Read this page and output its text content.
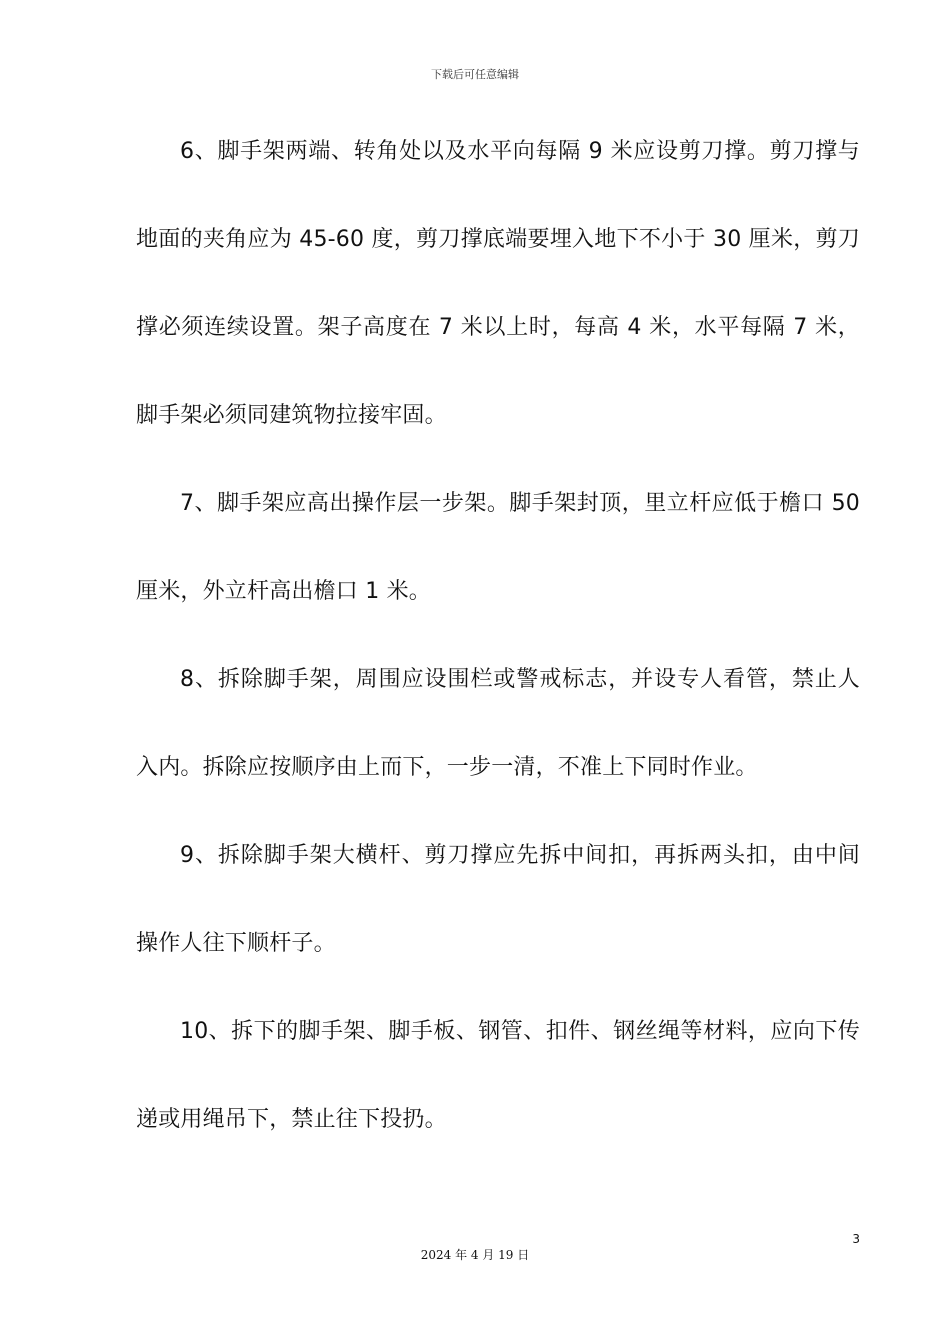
下载后可任意编辑

6、脚手架两端、转角处以及水平向每隔 9 米应设剪刀撑。剪刀撑与地面的夹角应为 45-60 度，剪刀撑底端要埋入地下不小于 30 厘米，剪刀撑必须连续设置。架子高度在 7 米以上时，每高 4 米，水平每隔 7 米，脚手架必须同建筑物拉接牢固。

7、脚手架应高出操作层一步架。脚手架封顶，里立杆应低于檐口 50 厘米，外立杆高出檐口 1 米。

8、拆除脚手架，周围应设围栏或警戒标志，并设专人看管，禁止人入内。拆除应按顺序由上而下，一步一清，不准上下同时作业。

9、拆除脚手架大横杆、剪刀撑应先拆中间扣，再拆两头扣，由中间操作人往下顺杆子。

10、拆下的脚手架、脚手板、钢管、扣件、钢丝绳等材料，应向下传递或用绳吊下，禁止往下投扔。

3
2024 年 4 月 19 日
